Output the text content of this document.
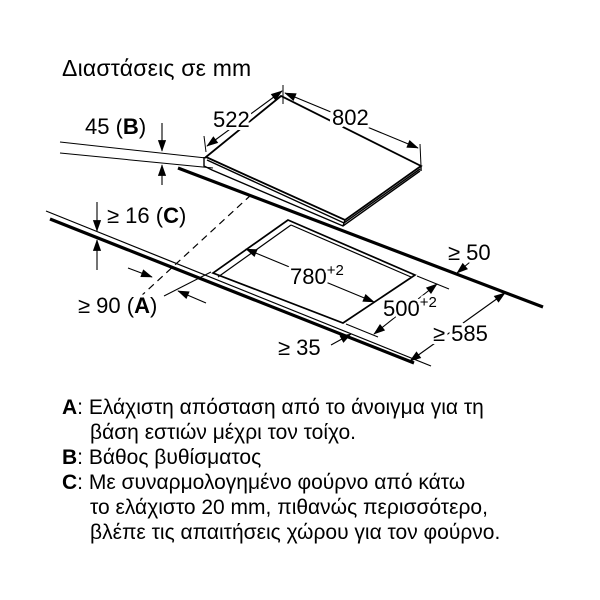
Διαστάσεις σε mm
522	802
45 (B)
≥ 16 (C)
≥ 90 (A)
$780^{+2}$
$500^{+2}$
≥ 50
≥ 585
≥ 35
A: Ελάχιστη απόσταση από το άνοιγμα για τη
βάση εστιών μέχρι τον τοίχο.
B: Βάθος βυθίσματος
C: Με συναρμολογημένο φούρνο από κάτω
το ελάχιστο 20 mm, πιθανώς περισσότερο,
βλέπε τις απαιτήσεις χώρου για τον φούρνο.
